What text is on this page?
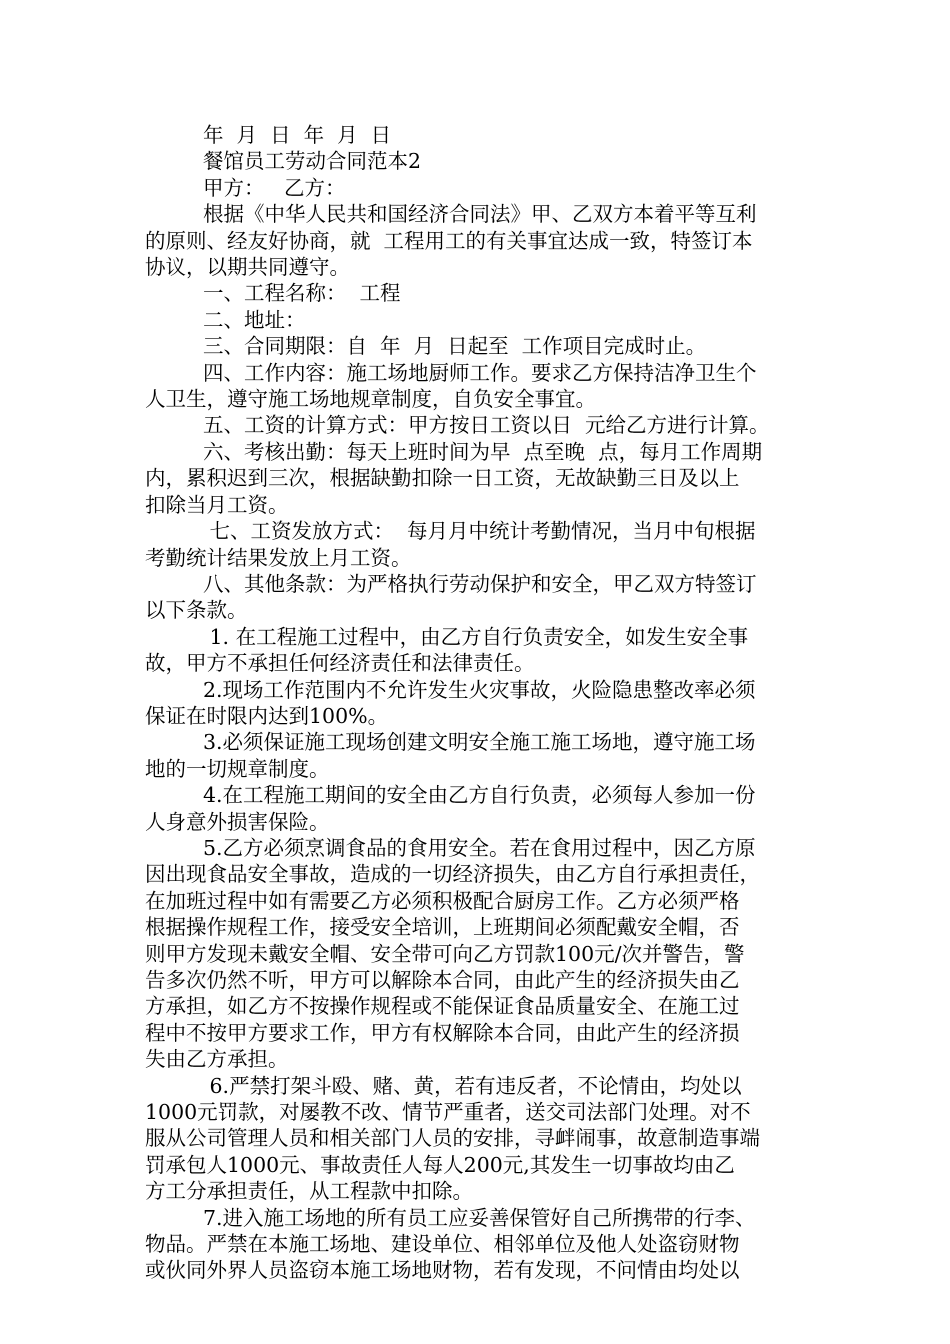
年  月  日  年  月  日
餐馆员工劳动合同范本2
甲方：   乙方：
根据《中华人民共和国经济合同法》甲、乙双方本着平等互利
的原则、经友好协商，就  工程用工的有关事宜达成一致，特签订本
协议，以期共同遵守。
一、工程名称：  工程
二、地址：
三、合同期限：自  年  月  日起至  工作项目完成时止。
四、工作内容：施工场地厨师工作。要求乙方保持洁净卫生个
人卫生，遵守施工场地规章制度，自负安全事宜。
五、工资的计算方式：甲方按日工资以日  元给乙方进行计算。
六、考核出勤：每天上班时间为早  点至晚  点，每月工作周期
内，累积迟到三次，根据缺勤扣除一日工资，无故缺勤三日及以上
扣除当月工资。
七、工资发放方式：  每月月中统计考勤情况，当月中旬根据
考勤统计结果发放上月工资。
八、其他条款：为严格执行劳动保护和安全，甲乙双方特签订
以下条款。
1. 在工程施工过程中，由乙方自行负责安全，如发生安全事
故，甲方不承担任何经济责任和法律责任。
2.现场工作范围内不允许发生火灾事故，火险隐患整改率必须
保证在时限内达到100%。
3.必须保证施工现场创建文明安全施工施工场地，遵守施工场
地的一切规章制度。
4.在工程施工期间的安全由乙方自行负责，必须每人参加一份
人身意外损害保险。
5.乙方必须烹调食品的食用安全。若在食用过程中，因乙方原
因出现食品安全事故，造成的一切经济损失，由乙方自行承担责任，
在加班过程中如有需要乙方必须积极配合厨房工作。乙方必须严格
根据操作规程工作，接受安全培训，上班期间必须配戴安全帽，否
则甲方发现未戴安全帽、安全带可向乙方罚款100元/次并警告，警
告多次仍然不听，甲方可以解除本合同，由此产生的经济损失由乙
方承担，如乙方不按操作规程或不能保证食品质量安全、在施工过
程中不按甲方要求工作，甲方有权解除本合同，由此产生的经济损
失由乙方承担。
6.严禁打架斗殴、赌、黄，若有违反者，不论情由，均处以
1000元罚款，对屡教不改、情节严重者，送交司法部门处理。对不
服从公司管理人员和相关部门人员的安排，寻衅闹事，故意制造事端
罚承包人1000元、事故责任人每人200元,其发生一切事故均由乙
方工分承担责任，从工程款中扣除。
7.进入施工场地的所有员工应妥善保管好自己所携带的行李、
物品。严禁在本施工场地、建设单位、相邻单位及他人处盗窃财物
或伙同外界人员盗窃本施工场地财物，若有发现，不问情由均处以
